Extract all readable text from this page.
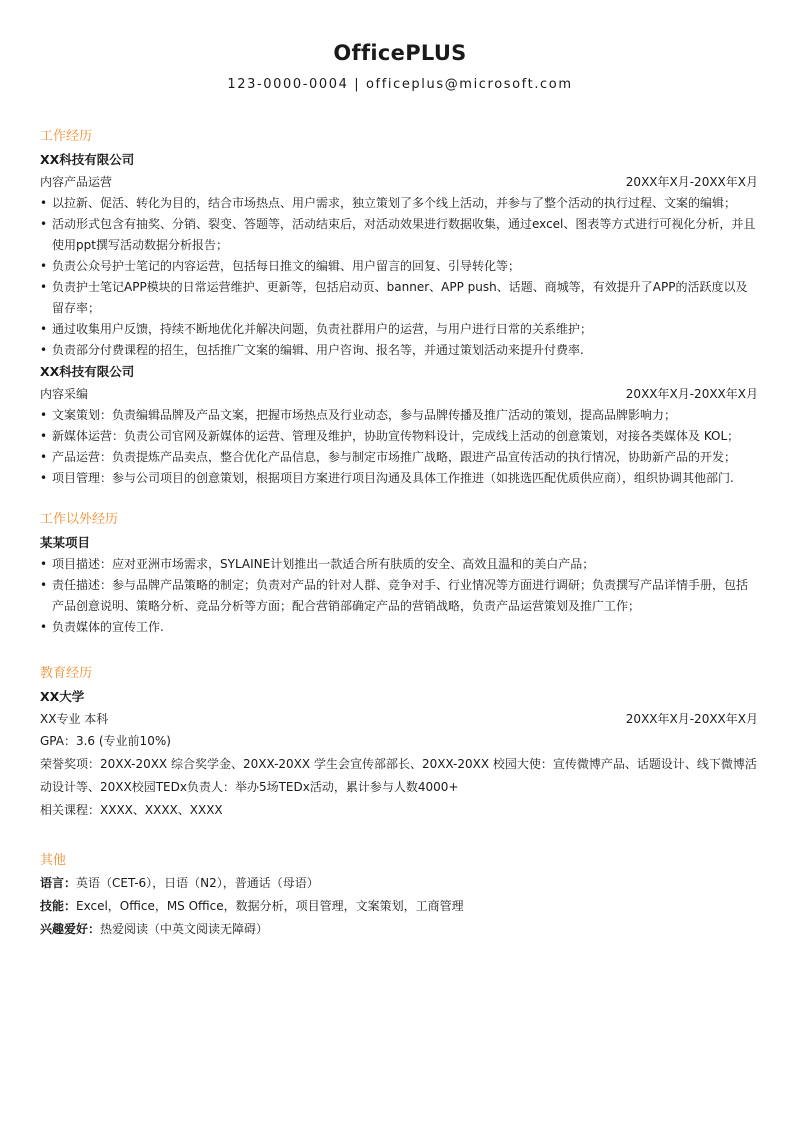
OfficePLUS
123-0000-0004 | officeplus@microsoft.com
工作经历
XX科技有限公司
内容产品运营	20XX年X月-20XX年X月
• 以拉新、促活、转化为目的，结合市场热点、用户需求，独立策划了多个线上活动，并参与了整个活动的执行过程、文案的编辑；
• 活动形式包含有抽奖、分销、裂变、答题等，活动结束后，对活动效果进行数据收集，通过excel、图表等方式进行可视化分析，并且使用ppt撰写活动数据分析报告；
• 负责公众号护士笔记的内容运营，包括每日推文的编辑、用户留言的回复、引导转化等；
• 负责护士笔记APP模块的日常运营维护、更新等，包括启动页、banner、APP push、话题、商城等，有效提升了APP的活跃度以及留存率；
• 通过收集用户反馈，持续不断地优化并解决问题，负责社群用户的运营，与用户进行日常的关系维护；
• 负责部分付费课程的招生，包括推广文案的编辑、用户咨询、报名等，并通过策划活动来提升付费率.
XX科技有限公司
内容采编	20XX年X月-20XX年X月
• 文案策划：负责编辑品牌及产品文案，把握市场热点及行业动态，参与品牌传播及推广活动的策划，提高品牌影响力；
• 新媒体运营：负责公司官网及新媒体的运营、管理及维护，协助宣传物料设计，完成线上活动的创意策划，对接各类媒体及 KOL；
• 产品运营：负责提炼产品卖点，整合优化产品信息，参与制定市场推广战略，跟进产品宣传活动的执行情况，协助新产品的开发；
• 项目管理：参与公司项目的创意策划，根据项目方案进行项目沟通及具体工作推进（如挑选匹配优质供应商），组织协调其他部门.
工作以外经历
某某项目
• 项目描述：应对亚洲市场需求，SYLAINE计划推出一款适合所有肤质的安全、高效且温和的美白产品；
• 责任描述：参与品牌产品策略的制定；负责对产品的针对人群、竞争对手、行业情况等方面进行调研；负责撰写产品详情手册，包括产品创意说明、策略分析、竞品分析等方面；配合营销部确定产品的营销战略，负责产品运营策划及推广工作；
• 负责媒体的宣传工作.
教育经历
XX大学
XX专业 本科	20XX年X月-20XX年X月
GPA：3.6 (专业前10%)
荣誉奖项：20XX-20XX 综合奖学金、20XX-20XX 学生会宣传部部长、20XX-20XX 校园大使：宣传微博产品、话题设计、线下微博活动设计等、20XX校园TEDx负责人：举办5场TEDx活动，累计参与人数4000+
相关课程：XXXX、XXXX、XXXX
其他
语言：英语（CET-6），日语（N2），普通话（母语）
技能：Excel，Office，MS Office，数据分析，项目管理，文案策划，工商管理
兴趣爱好：热爱阅读（中英文阅读无障碍）
